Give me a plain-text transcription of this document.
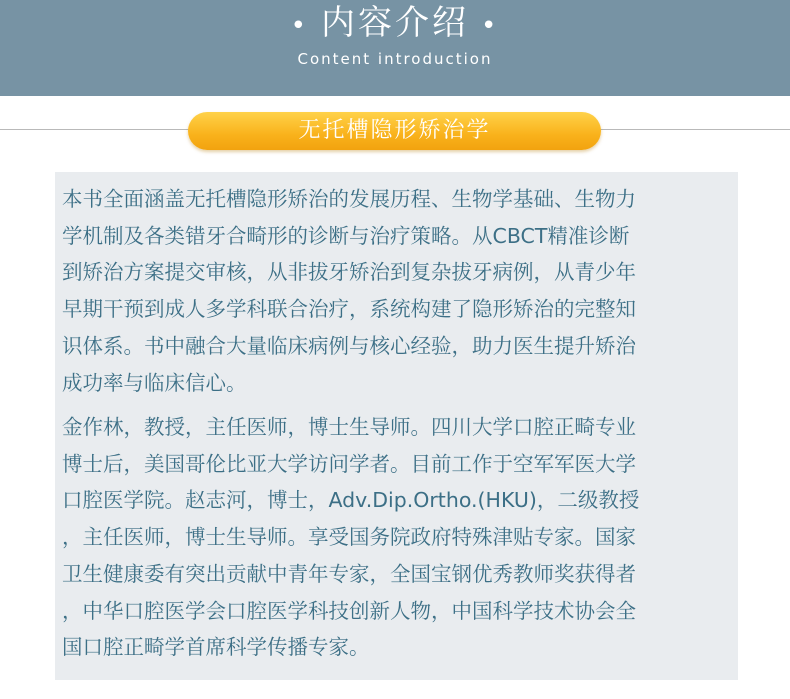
• 内容介绍 •
Content introduction
无托槽隐形矫治学
本书全面涵盖无托槽隐形矫治的发展历程、生物学基础、生物力
学机制及各类错牙合畸形的诊断与治疗策略。从CBCT精准诊断
到矫治方案提交审核，从非拔牙矫治到复杂拔牙病例，从青少年
早期干预到成人多学科联合治疗，系统构建了隐形矫治的完整知
识体系。书中融合大量临床病例与核心经验，助力医生提升矫治
成功率与临床信心。
金作林，教授，主任医师，博士生导师。四川大学口腔正畸专业
博士后，美国哥伦比亚大学访问学者。目前工作于空军军医大学
口腔医学院。赵志河，博士，Adv.Dip.Ortho.(HKU)，二级教授
，主任医师，博士生导师。享受国务院政府特殊津贴专家。国家
卫生健康委有突出贡献中青年专家，全国宝钢优秀教师奖获得者
，中华口腔医学会口腔医学科技创新人物，中国科学技术协会全
国口腔正畸学首席科学传播专家。
